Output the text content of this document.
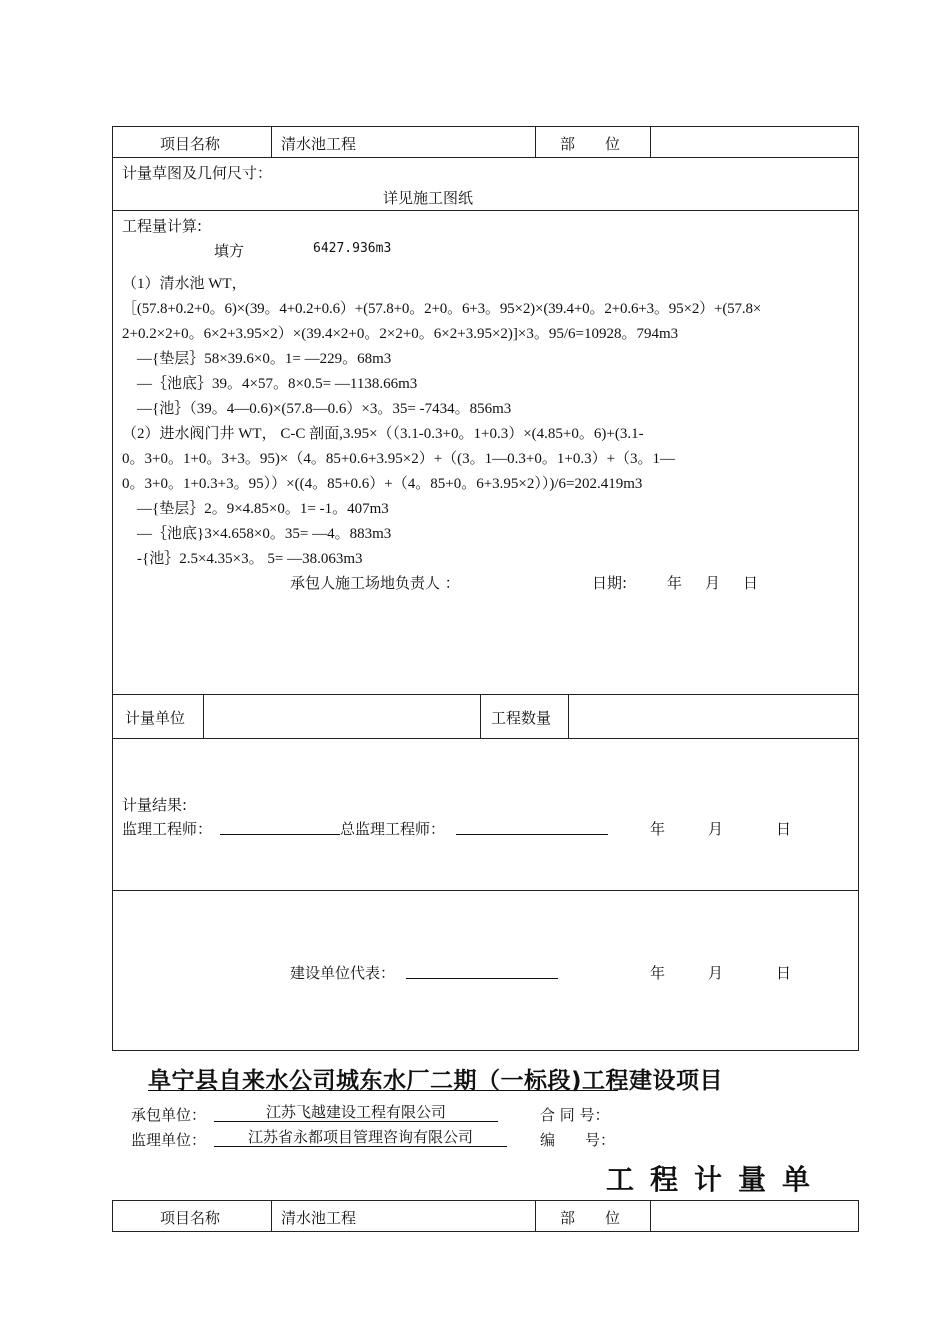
项目名称	清水池工程	部　　位
计量草图及几何尺寸：
详见施工图纸
工程量计算:
填方	6427.936m3
（1）清水池 WT，
［(57.8+0.2+0。6)×(39。4+0.2+0.6）+(57.8+0。2+0。6+3。95×2)×(39.4+0。2+0.6+3。95×2）+(57.8×
2+0.2×2+0。6×2+3.95×2）×(39.4×2+0。2×2+0。6×2+3.95×2)]×3。95/6=10928。794m3
　—{垫层｝58×39.6×0。1= —229。68m3
　—｛池底｝39。4×57。8×0.5= —1138.66m3
　—{池｝（39。4—0.6)×(57.8—0.6）×3。35= -7434。856m3
（2）进水阀门井 WT， C-C 剖面,3.95×（（3.1-0.3+0。1+0.3）×(4.85+0。6)+(3.1-
0。3+0。1+0。3+3。95)×（4。85+0.6+3.95×2）+（(3。1—0.3+0。1+0.3）+（3。1—
0。3+0。1+0.3+3。95））×((4。85+0.6）+（4。85+0。6+3.95×2））)/6=202.419m3
　—{垫层｝2。9×4.85×0。1= -1。407m3
　—｛池底}3×4.658×0。35= —4。883m3
　-{池｝2.5×4.35×3。 5= —38.063m3
承包人施工场地负责人 ：	日期:	年 月 日
计量单位	工程数量
计量结果:
监理工程师：	总监理工程师：	年	月	日
建设单位代表：	年	月	日
阜宁县自来水公司城东水厂二期（一标段)工程建设项目
承包单位：	江苏飞越建设工程有限公司	合 同 号：
监理单位：	江苏省永都项目管理咨询有限公司	编　　号：
工程计量单
项目名称	清水池工程	部　　位
